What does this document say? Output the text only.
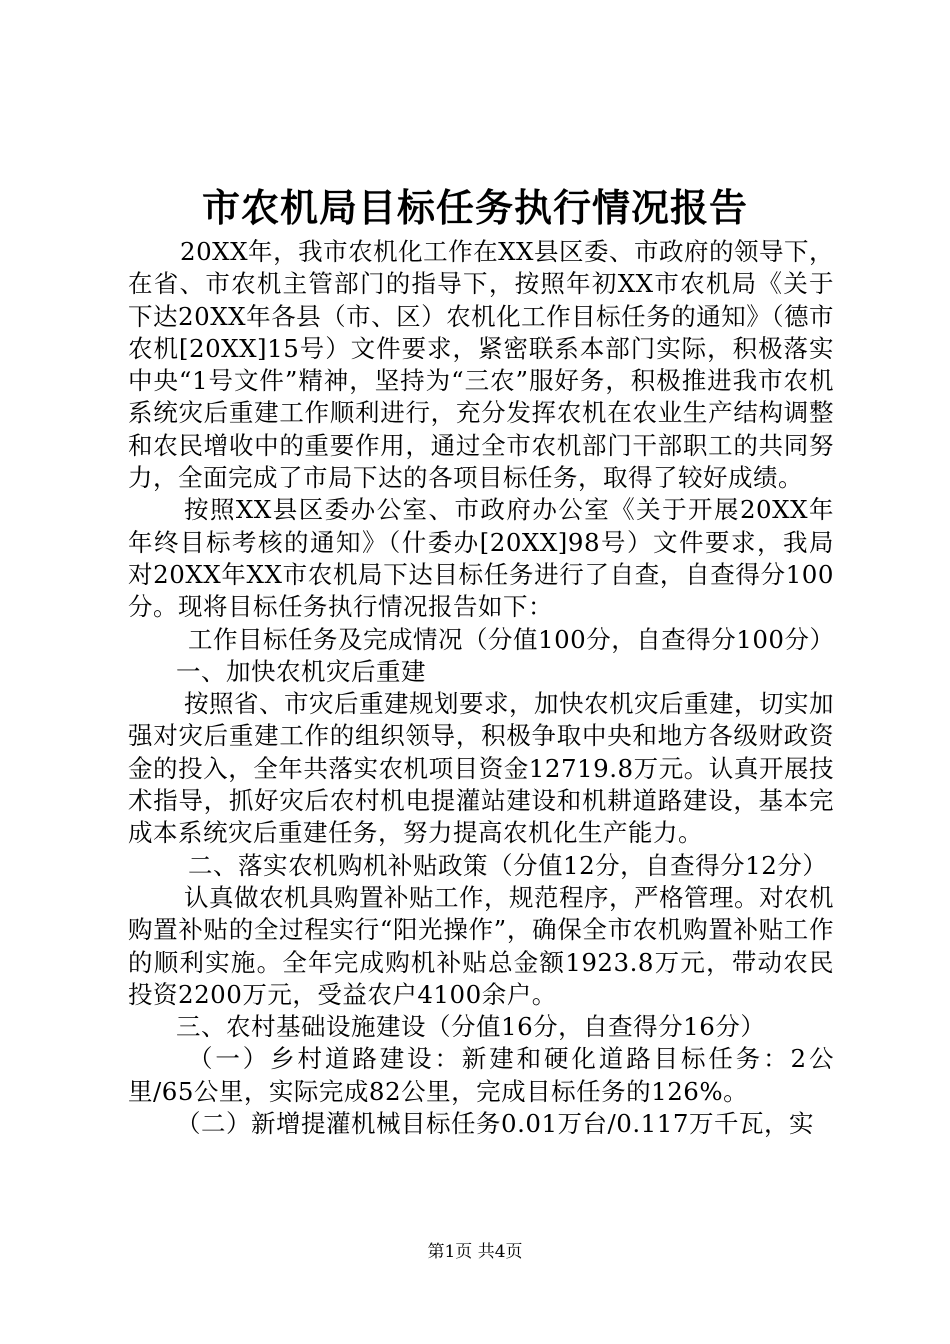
市农机局目标任务执行情况报告

20XX年，我市农机化工作在XX县区委、市政府的领导下，在省、市农机主管部门的指导下，按照年初XX市农机局《关于下达20XX年各县（市、区）农机化工作目标任务的通知》（德市农机[20XX]15号）文件要求，紧密联系本部门实际，积极落实中央“1号文件”精神，坚持为“三农”服好务，积极推进我市农机系统灾后重建工作顺利进行，充分发挥农机在农业生产结构调整和农民增收中的重要作用，通过全市农机部门干部职工的共同努力，全面完成了市局下达的各项目标任务，取得了较好成绩。

按照XX县区委办公室、市政府办公室《关于开展20XX年年终目标考核的通知》（什委办[20XX]98号）文件要求，我局对20XX年XX市农机局下达目标任务进行了自查，自查得分100分。现将目标任务执行情况报告如下：

工作目标任务及完成情况（分值100分，自查得分100分）

一、加快农机灾后重建

按照省、市灾后重建规划要求，加快农机灾后重建，切实加强对灾后重建工作的组织领导，积极争取中央和地方各级财政资金的投入，全年共落实农机项目资金12719.8万元。认真开展技术指导，抓好灾后农村机电提灌站建设和机耕道路建设，基本完成本系统灾后重建任务，努力提高农机化生产能力。

二、落实农机购机补贴政策（分值12分，自查得分12分）

认真做农机具购置补贴工作，规范程序，严格管理。对农机购置补贴的全过程实行“阳光操作”，确保全市农机购置补贴工作的顺利实施。全年完成购机补贴总金额1923.8万元，带动农民投资2200万元，受益农户4100余户。

三、农村基础设施建设（分值16分，自查得分16分）

（一）乡村道路建设：新建和硬化道路目标任务：2公里/65公里，实际完成82公里，完成目标任务的126%。

（二）新增提灌机械目标任务0.01万台/0.117万千瓦，实

第1页 共4页
